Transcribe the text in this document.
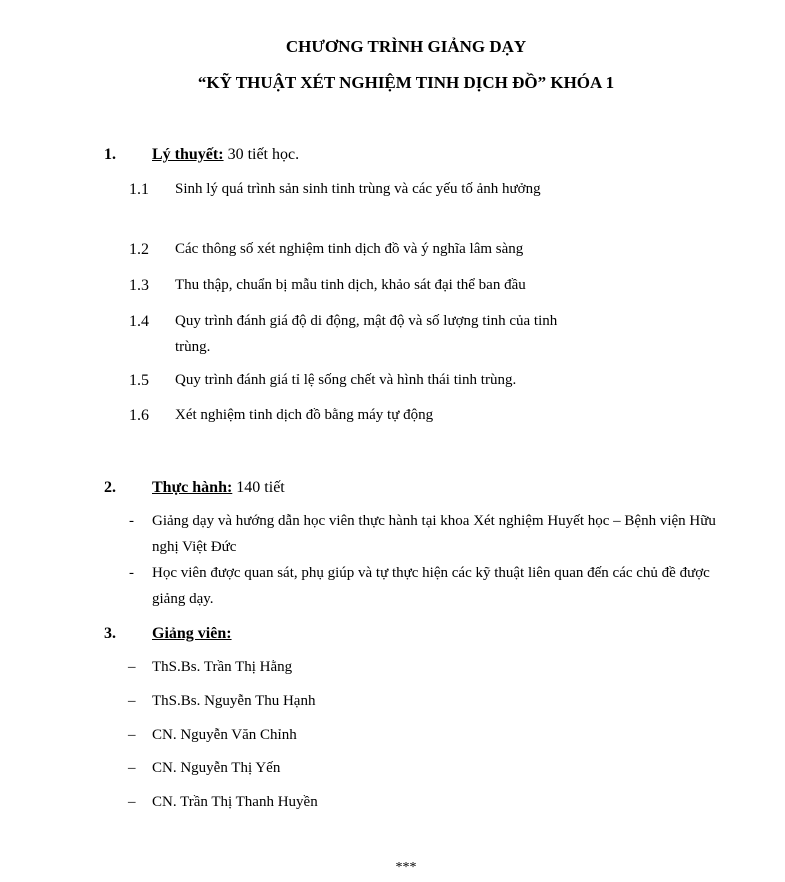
CHƯƠNG TRÌNH GIẢNG DẠY
“KỸ THUẬT XÉT NGHIỆM TINH DỊCH ĐỒ” KHÓA 1
1. Lý thuyết: 30 tiết học.
1.1 Sinh lý quá trình sản sinh tinh trùng và các yếu tố ảnh hưởng
1.2 Các thông số xét nghiệm tinh dịch đồ và ý nghĩa lâm sàng
1.3 Thu thập, chuẩn bị mẫu tinh dịch, khảo sát đại thể ban đầu
1.4 Quy trình đánh giá độ di động, mật độ và số lượng tinh của tinh trùng.
1.5 Quy trình đánh giá tỉ lệ sống chết và hình thái tinh trùng.
1.6 Xét nghiệm tinh dịch đồ bằng máy tự động
2. Thực hành: 140 tiết
- Giảng dạy và hướng dẫn học viên thực hành tại khoa Xét nghiệm Huyết học – Bệnh viện Hữu nghị Việt Đức
- Học viên được quan sát, phụ giúp và tự thực hiện các kỹ thuật liên quan đến các chủ đề được giảng dạy.
3. Giảng viên:
– ThS.Bs. Trần Thị Hằng
– ThS.Bs. Nguyễn Thu Hạnh
– CN. Nguyễn Văn Chỉnh
– CN. Nguyễn Thị Yến
– CN. Trần Thị Thanh Huyền
***
